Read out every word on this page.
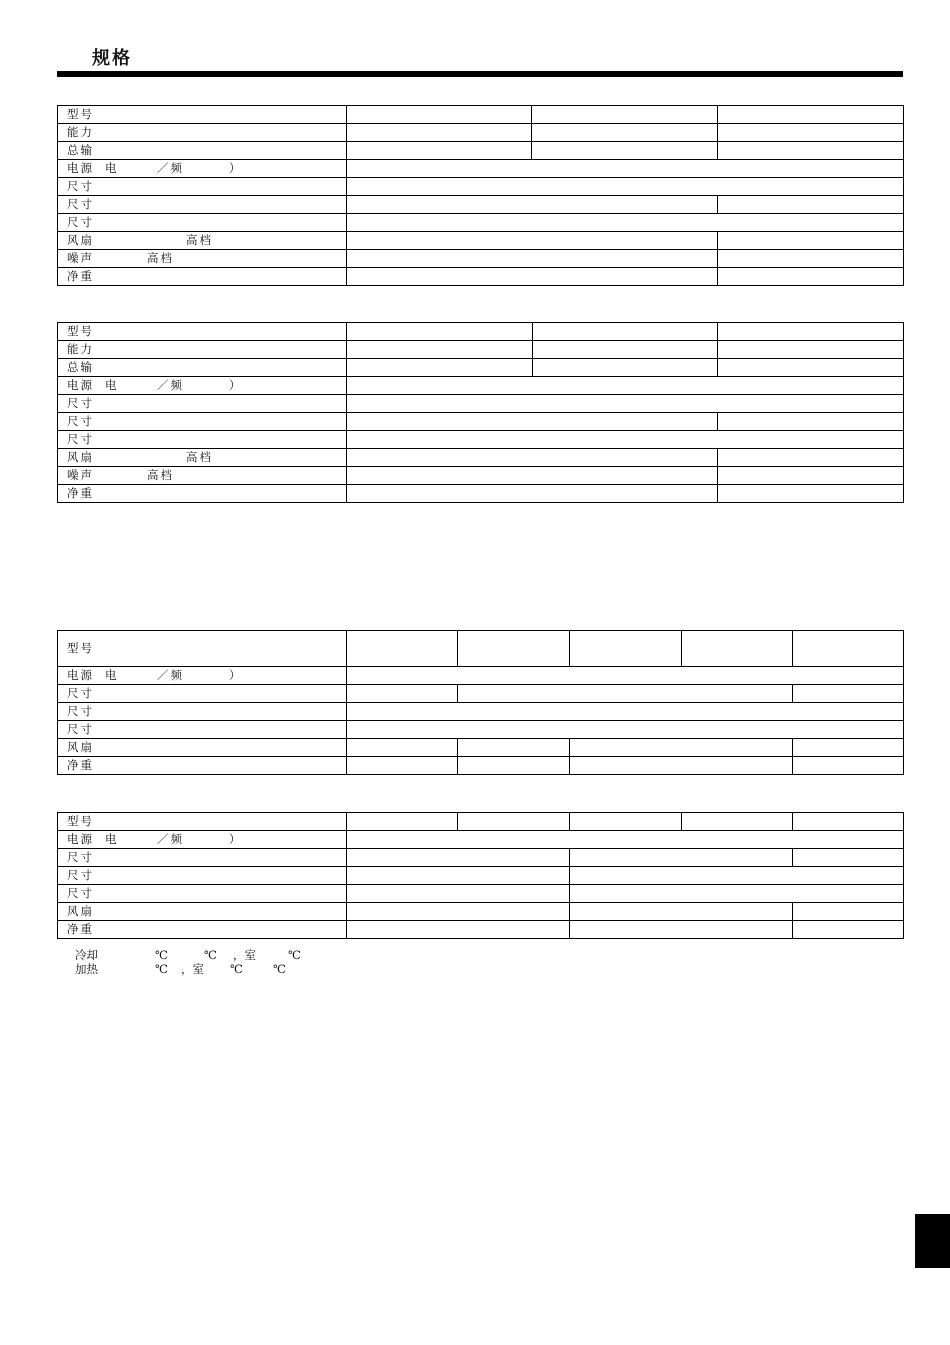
规格
型号			
能力			
总输			
电源 电 ／频 ）			
尺寸			
尺寸			
尺寸			
风扇 高档			
噪声 高档			
净重			
型号			
能力			
总输			
电源 电 ／频 ）			
尺寸			
尺寸			
尺寸			
风扇 高档			
噪声 高档			
净重			
型号					
电源 电 ／频 ）					
尺寸					
尺寸					
尺寸					
风扇					
净重					
型号					
电源 电 ／频 ）					
尺寸					
尺寸					
尺寸					
风扇					
净重					
冷却	℃	℃ ，室	℃
加热	℃ ，室 ℃	℃
